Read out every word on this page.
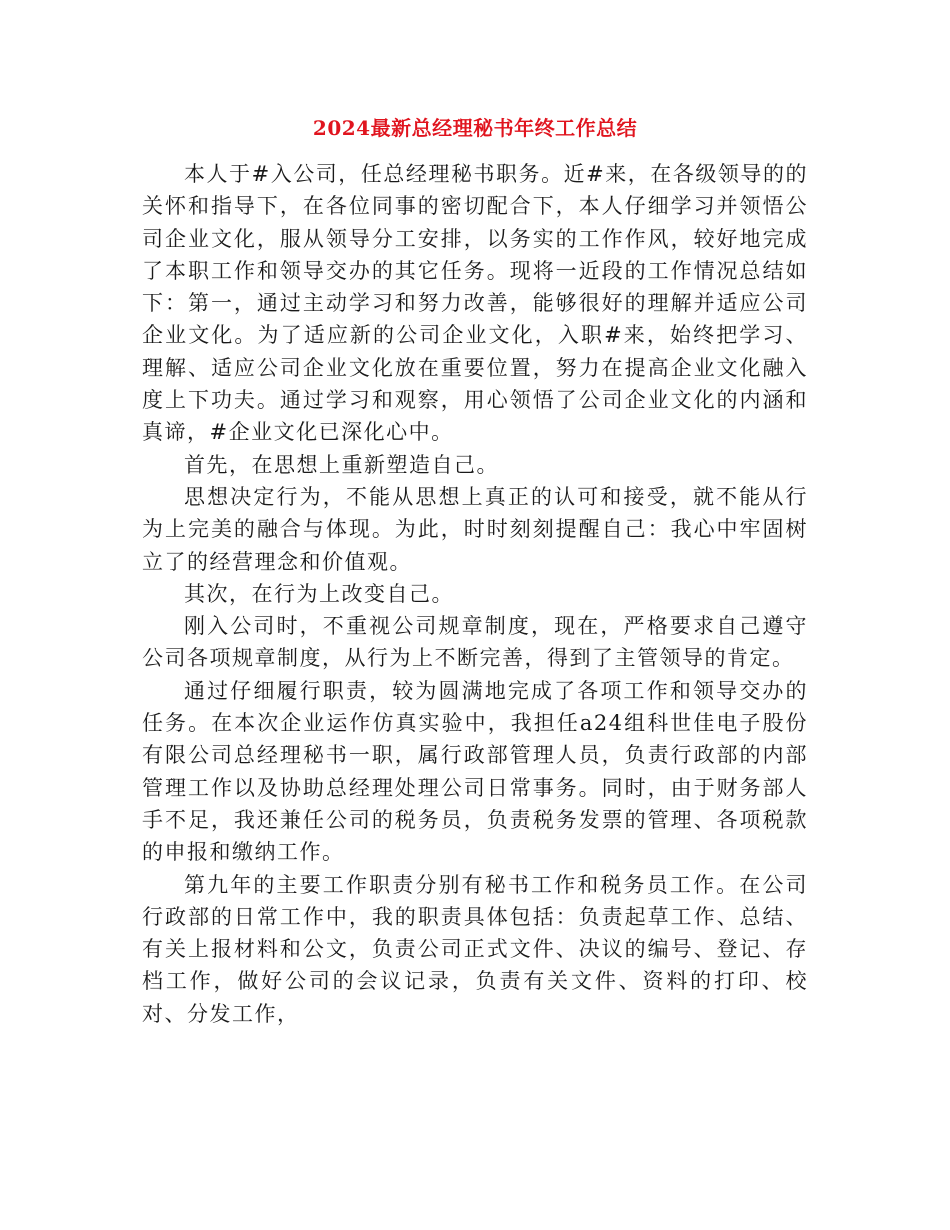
2024最新总经理秘书年终工作总结

本人于#入公司，任总经理秘书职务。近#来，在各级领导的的关怀和指导下，在各位同事的密切配合下，本人仔细学习并领悟公司企业文化，服从领导分工安排，以务实的工作作风，较好地完成了本职工作和领导交办的其它任务。现将一近段的工作情况总结如下：第一，通过主动学习和努力改善，能够很好的理解并适应公司企业文化。为了适应新的公司企业文化，入职#来，始终把学习、理解、适应公司企业文化放在重要位置，努力在提高企业文化融入度上下功夫。通过学习和观察，用心领悟了公司企业文化的内涵和真谛，#企业文化已深化心中。

首先，在思想上重新塑造自己。

思想决定行为，不能从思想上真正的认可和接受，就不能从行为上完美的融合与体现。为此，时时刻刻提醒自己：我心中牢固树立了的经营理念和价值观。

其次，在行为上改变自己。

刚入公司时，不重视公司规章制度，现在，严格要求自己遵守公司各项规章制度，从行为上不断完善，得到了主管领导的肯定。

通过仔细履行职责，较为圆满地完成了各项工作和领导交办的任务。在本次企业运作仿真实验中，我担任a24组科世佳电子股份有限公司总经理秘书一职，属行政部管理人员，负责行政部的内部管理工作以及协助总经理处理公司日常事务。同时，由于财务部人手不足，我还兼任公司的税务员，负责税务发票的管理、各项税款的申报和缴纳工作。

第九年的主要工作职责分别有秘书工作和税务员工作。在公司行政部的日常工作中，我的职责具体包括：负责起草工作、总结、有关上报材料和公文，负责公司正式文件、决议的编号、登记、存档工作，做好公司的会议记录，负责有关文件、资料的打印、校对、分发工作，
